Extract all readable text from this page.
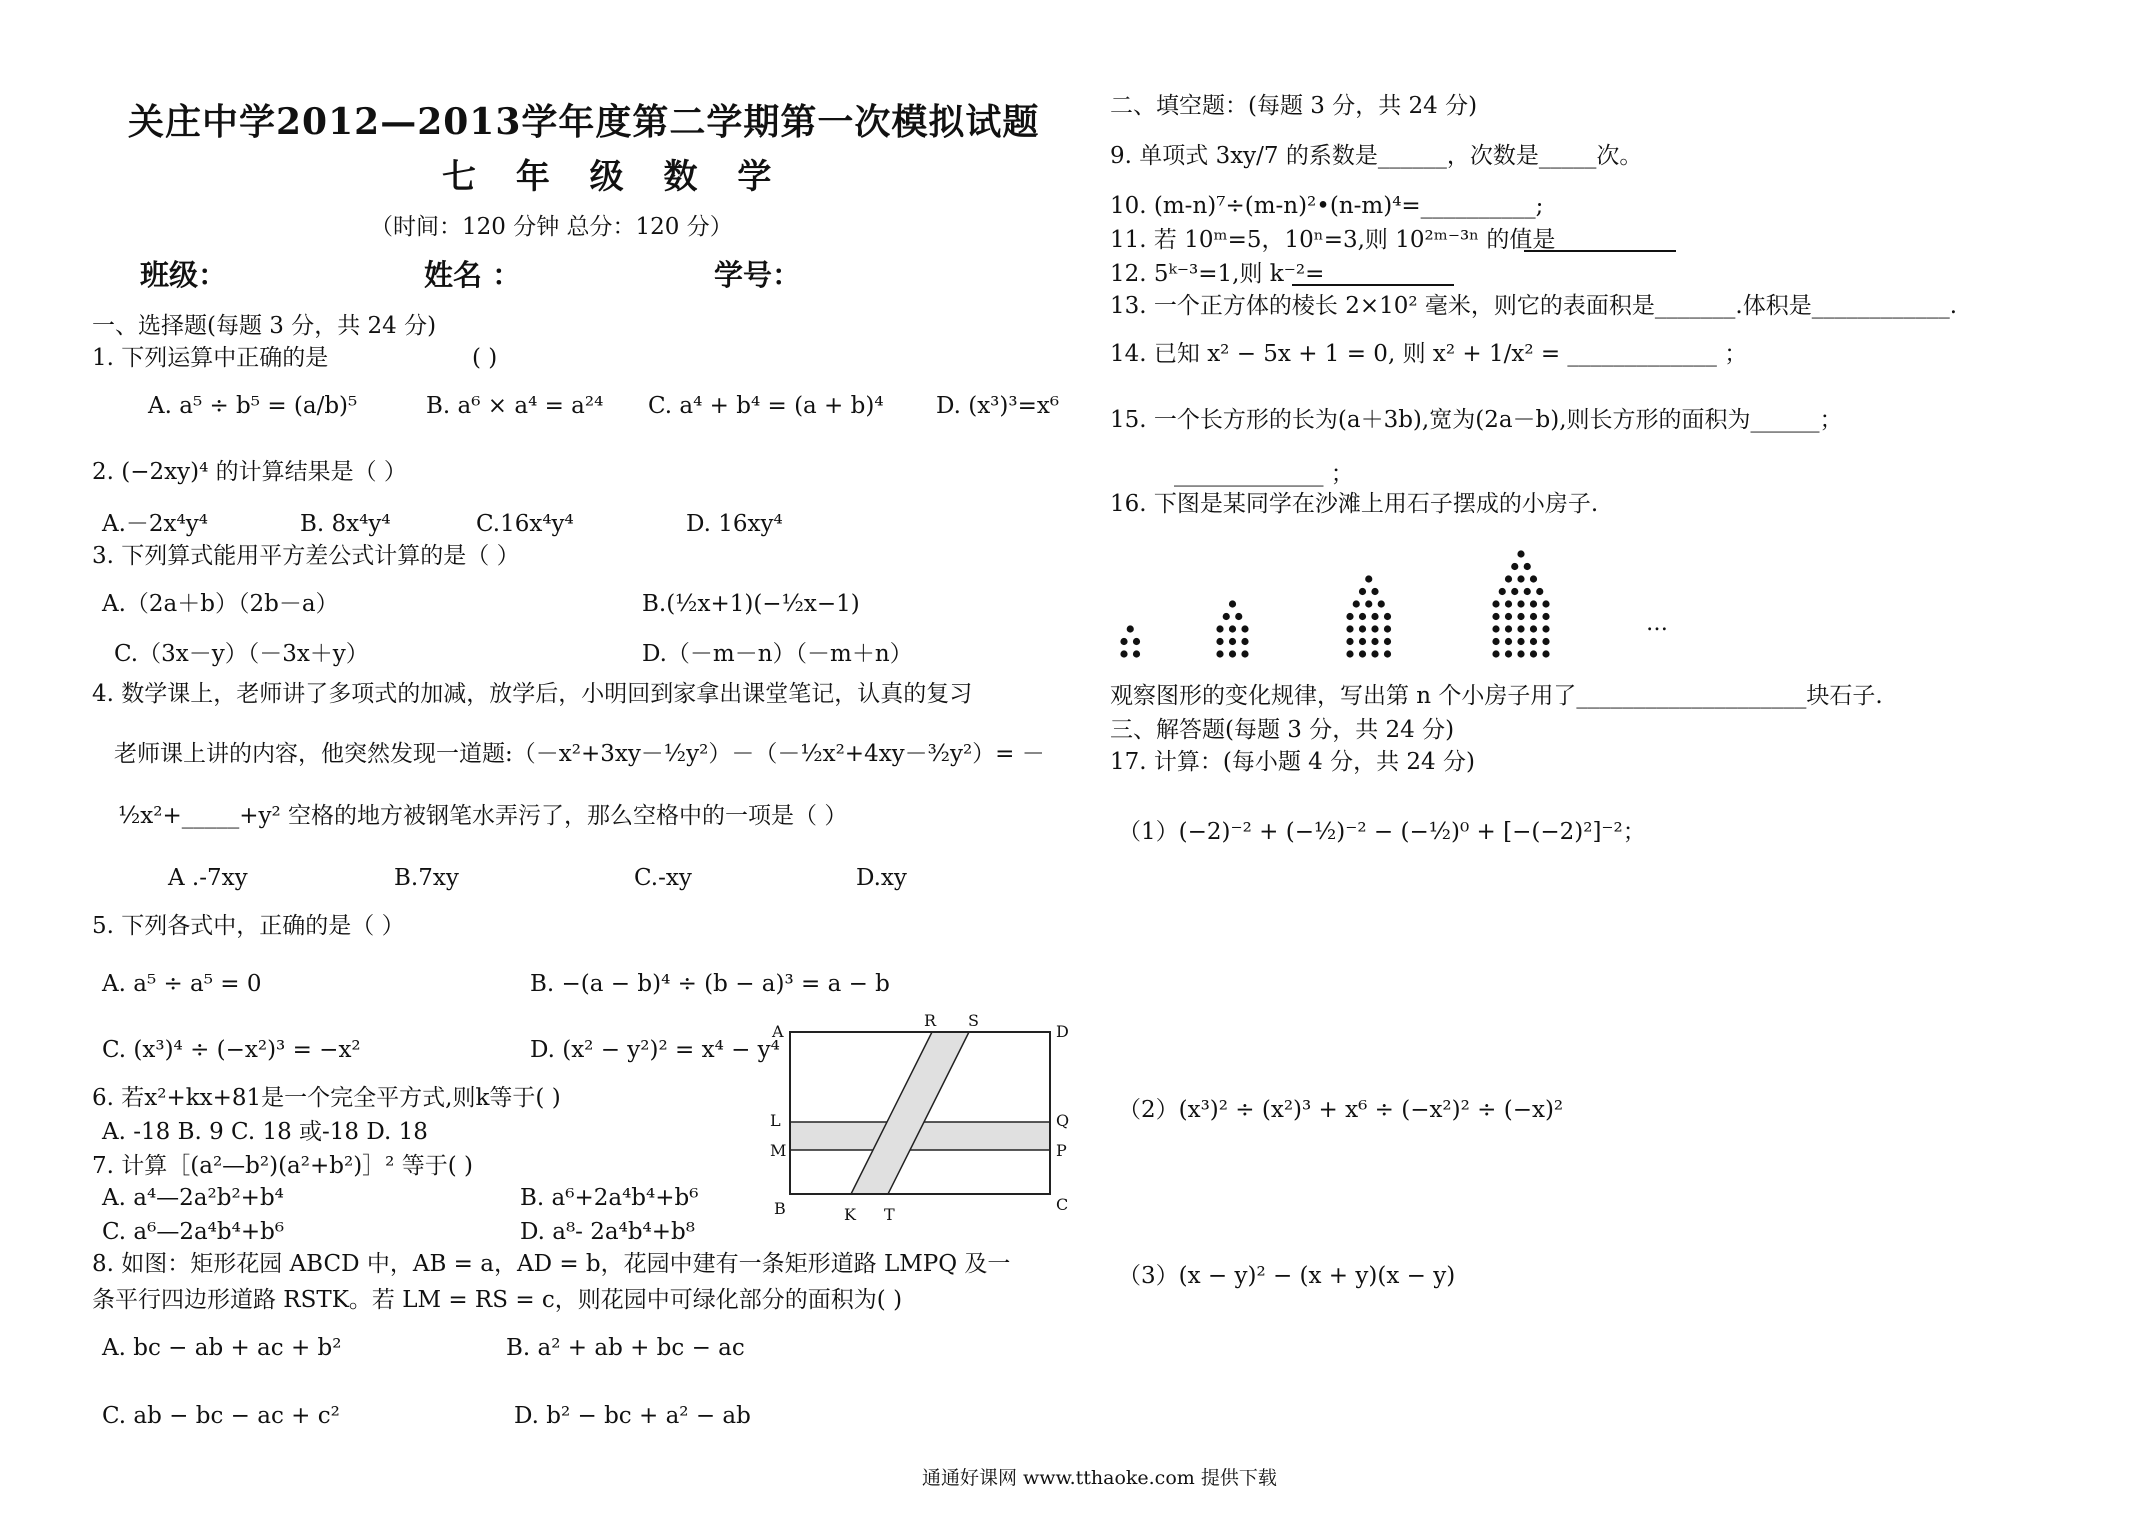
关庄中学2012—2013学年度第二学期第一次模拟试题
七 年 级 数 学
（时间：120 分钟 总分：120 分）
班级：	姓名 ：	学号：
一、选择题(每题 3 分，共 24 分)
1. 下列运算中正确的是	( )
A. a⁵ ÷ b⁵ = (a/b)⁵	B. a⁶ × a⁴ = a²⁴ C. a⁴ + b⁴ = (a + b)⁴ D. (x³)³=x⁶
2. (−2xy)⁴ 的计算结果是（ ）
A.－2x⁴y⁴	B. 8x⁴y⁴	C.16x⁴y⁴	D. 16xy⁴
3. 下列算式能用平方差公式计算的是（ ）
A.（2a＋b）（2b－a）	B.(½x+1)(−½x−1)
C.（3x－y）（－3x＋y）	D.（－m－n）（－m＋n）
4. 数学课上，老师讲了多项式的加减，放学后，小明回到家拿出课堂笔记，认真的复习
老师课上讲的内容，他突然发现一道题:（－x²+3xy－½y²）－（－½x²+4xy－³⁄₂y²）= －
½x²+_____+y² 空格的地方被钢笔水弄污了，那么空格中的一项是（ ）
A .-7xy	B.7xy	C.-xy	D.xy
5. 下列各式中，正确的是（ ）
A. a⁵ ÷ a⁵ = 0	B. −(a − b)⁴ ÷ (b − a)³ = a − b
C. (x³)⁴ ÷ (−x²)³ = −x²	D. (x² − y²)² = x⁴ − y⁴
6. 若x²+kx+81是一个完全平方式,则k等于( )
A. -18 B. 9 C. 18 或-18 D. 18
7. 计算［(a²—b²)(a²+b²)］² 等于( )
A. a⁴—2a²b²+b⁴	B. a⁶+2a⁴b⁴+b⁶
C. a⁶—2a⁴b⁴+b⁶	D. a⁸- 2a⁴b⁴+b⁸
8. 如图：矩形花园 ABCD 中，AB = a，AD = b，花园中建有一条矩形道路 LMPQ 及一
条平行四边形道路 RSTK。若 LM = RS = c，则花园中可绿化部分的面积为( )
A. bc − ab + ac + b²	B. a² + ab + bc − ac
C. ab − bc − ac + c²	D. b² − bc + a² − ab
A
R S
D
L	Q
M	P
B	K T
C
二、填空题：(每题 3 分，共 24 分)
9. 单项式 3xy/7 的系数是______，次数是_____次。
10. (m-n)⁷÷(m-n)²•(n-m)⁴=__________;
11. 若 10ᵐ=5，10ⁿ=3,则 10²ᵐ⁻³ⁿ 的值是
12. 5ᵏ⁻³=1,则 k⁻²=
13. 一个正方体的棱长 2×10² 毫米，则它的表面积是_______.体积是____________.
14. 已知 x² − 5x + 1 = 0, 则 x² + 1/x² = _____________ ；
15. 一个长方形的长为(a＋3b),宽为(2a－b),则长方形的面积为______；
_____________ ；
16. 下图是某同学在沙滩上用石子摆成的小房子.
…
观察图形的变化规律，写出第 n 个小房子用了____________________块石子.
三、解答题(每题 3 分，共 24 分)
17. 计算：(每小题 4 分，共 24 分)
（1）(−2)⁻² + (−½)⁻² − (−½)⁰ + [−(−2)²]⁻²；
（2）(x³)² ÷ (x²)³ + x⁶ ÷ (−x²)² ÷ (−x)²
（3）(x − y)² − (x + y)(x − y)
通通好课网 www.tthaoke.com 提供下载
